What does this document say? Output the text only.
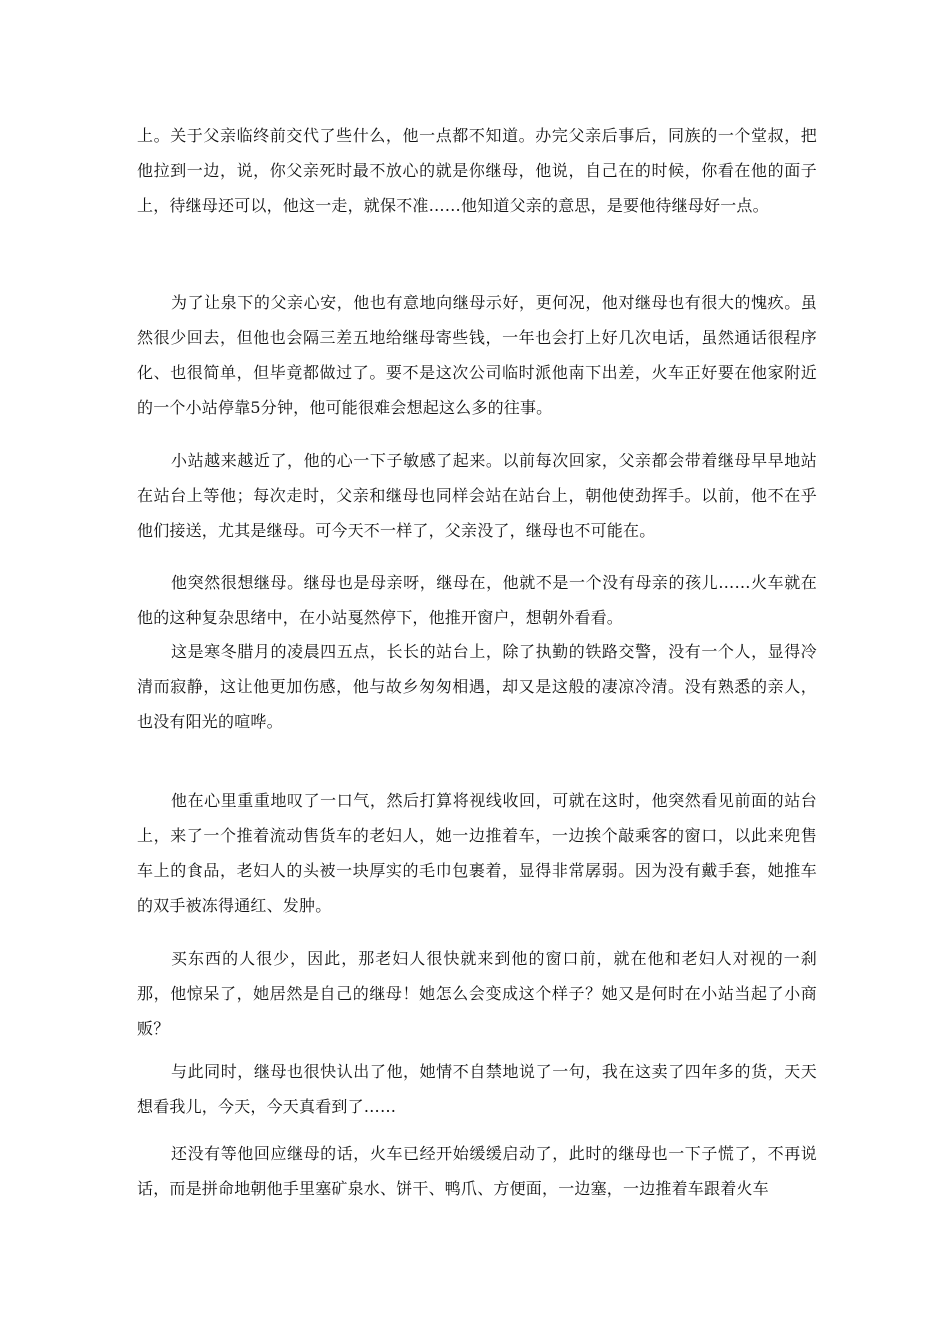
上。关于父亲临终前交代了些什么，他一点都不知道。办完父亲后事后，同族的一个堂叔，把他拉到一边，说，你父亲死时最不放心的就是你继母，他说，自己在的时候，你看在他的面子上，待继母还可以，他这一走，就保不准……他知道父亲的意思，是要他待继母好一点。

为了让泉下的父亲心安，他也有意地向继母示好，更何况，他对继母也有很大的愧疚。虽然很少回去，但他也会隔三差五地给继母寄些钱，一年也会打上好几次电话，虽然通话很程序化、也很简单，但毕竟都做过了。要不是这次公司临时派他南下出差，火车正好要在他家附近的一个小站停靠5分钟，他可能很难会想起这么多的往事。

小站越来越近了，他的心一下子敏感了起来。以前每次回家，父亲都会带着继母早早地站在站台上等他；每次走时，父亲和继母也同样会站在站台上，朝他使劲挥手。以前，他不在乎他们接送，尤其是继母。可今天不一样了，父亲没了，继母也不可能在。

他突然很想继母。继母也是母亲呀，继母在，他就不是一个没有母亲的孩儿……火车就在他的这种复杂思绪中，在小站戛然停下，他推开窗户，想朝外看看。

这是寒冬腊月的凌晨四五点，长长的站台上，除了执勤的铁路交警，没有一个人，显得冷清而寂静，这让他更加伤感，他与故乡匆匆相遇，却又是这般的凄凉冷清。没有熟悉的亲人，也没有阳光的喧哗。

他在心里重重地叹了一口气，然后打算将视线收回，可就在这时，他突然看见前面的站台上，来了一个推着流动售货车的老妇人，她一边推着车，一边挨个敲乘客的窗口，以此来兜售车上的食品，老妇人的头被一块厚实的毛巾包裹着，显得非常孱弱。因为没有戴手套，她推车的双手被冻得通红、发肿。

买东西的人很少，因此，那老妇人很快就来到他的窗口前，就在他和老妇人对视的一刹那，他惊呆了，她居然是自己的继母！她怎么会变成这个样子？她又是何时在小站当起了小商贩？

与此同时，继母也很快认出了他，她情不自禁地说了一句，我在这卖了四年多的货，天天想看我儿，今天，今天真看到了……

还没有等他回应继母的话，火车已经开始缓缓启动了，此时的继母也一下子慌了，不再说话，而是拼命地朝他手里塞矿泉水、饼干、鸭爪、方便面，一边塞，一边推着车跟着火车
